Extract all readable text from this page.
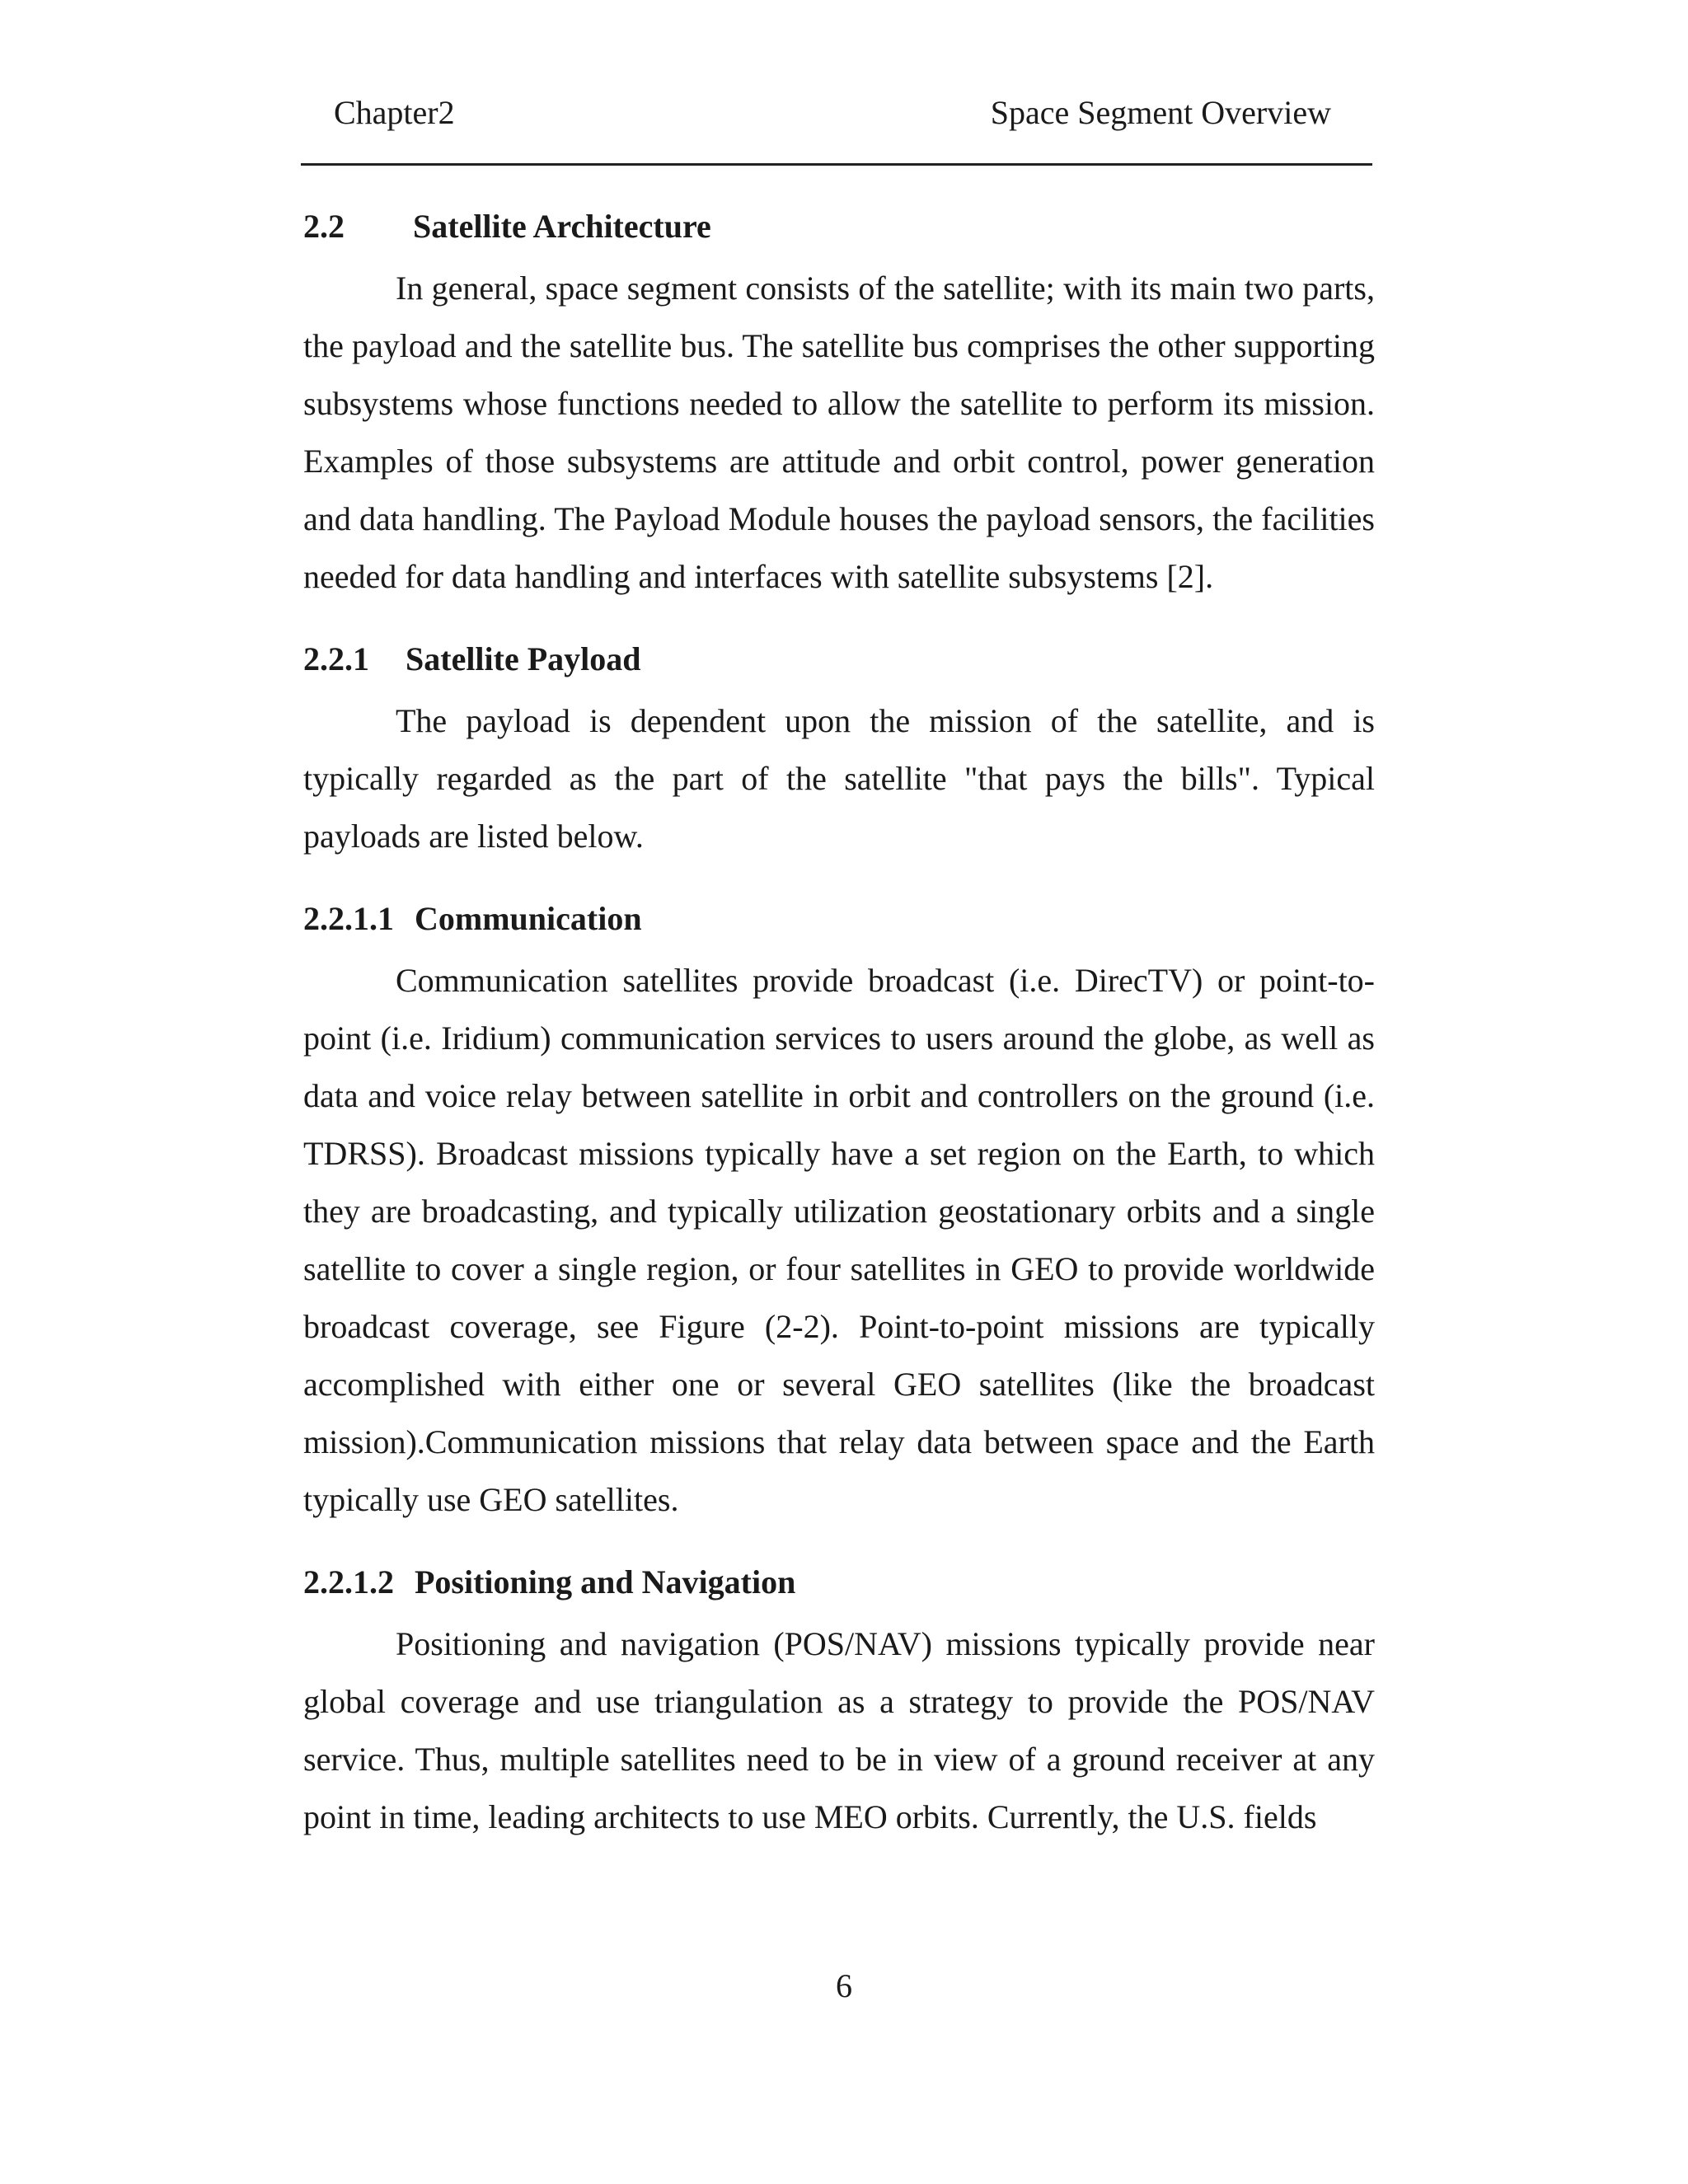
Chapter2	Space Segment Overview
2.2 Satellite Architecture

In general, space segment consists of the satellite; with its main two parts, the payload and the satellite bus. The satellite bus comprises the other supporting subsystems whose functions needed to allow the satellite to perform its mission. Examples of those subsystems are attitude and orbit control, power generation and data handling. The Payload Module houses the payload sensors, the facilities needed for data handling and interfaces with satellite subsystems [2].

2.2.1 Satellite Payload

The payload is dependent upon the mission of the satellite, and is typically regarded as the part of the satellite "that pays the bills". Typical payloads are listed below.

2.2.1.1 Communication

Communication satellites provide broadcast (i.e. DirecTV) or point-to-point (i.e. Iridium) communication services to users around the globe, as well as data and voice relay between satellite in orbit and controllers on the ground (i.e. TDRSS). Broadcast missions typically have a set region on the Earth, to which they are broadcasting, and typically utilization geostationary orbits and a single satellite to cover a single region, or four satellites in GEO to provide worldwide broadcast coverage, see Figure (2-2). Point-to-point missions are typically accomplished with either one or several GEO satellites (like the broadcast mission).Communication missions that relay data between space and the Earth typically use GEO satellites.

2.2.1.2 Positioning and Navigation

Positioning and navigation (POS/NAV) missions typically provide near global coverage and use triangulation as a strategy to provide the POS/NAV service. Thus, multiple satellites need to be in view of a ground receiver at any point in time, leading architects to use MEO orbits. Currently, the U.S. fields

6
